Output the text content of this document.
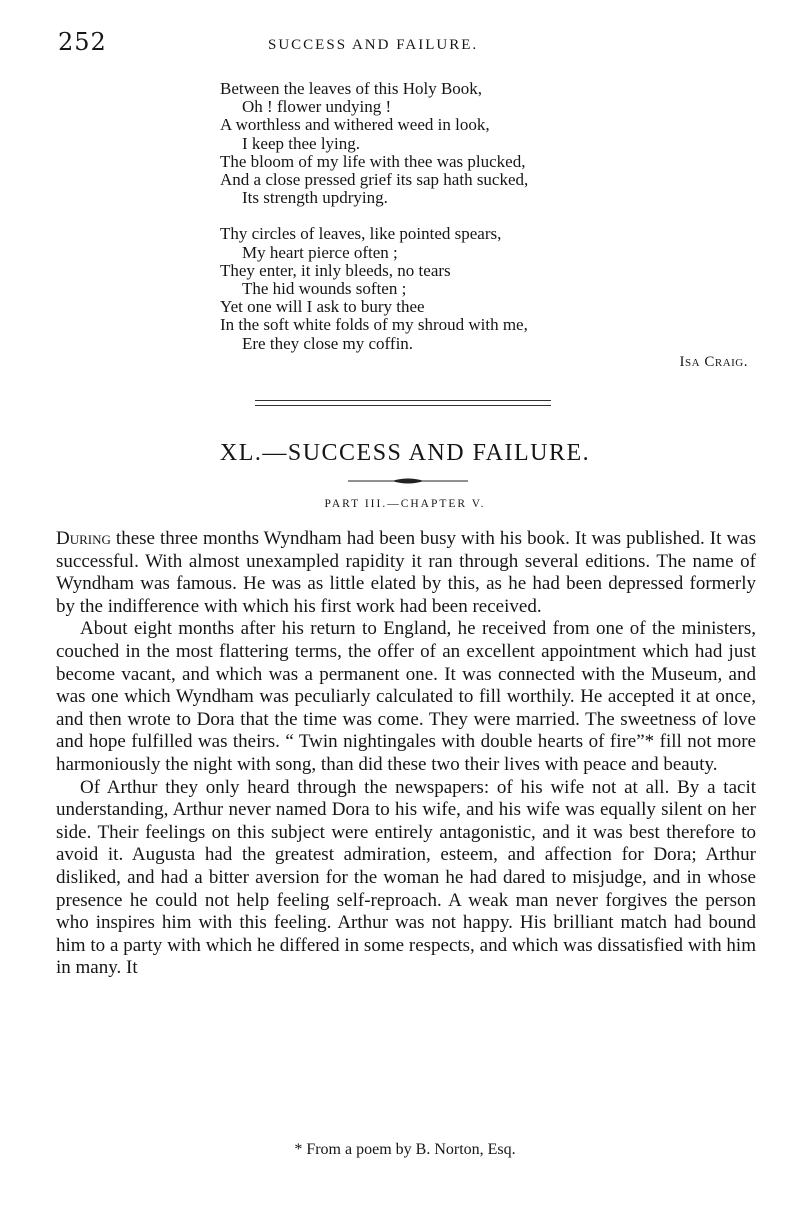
252	SUCCESS AND FAILURE.
Between the leaves of this Holy Book,
Oh ! flower undying !
A worthless and withered weed in look,
I keep thee lying.
The bloom of my life with thee was plucked,
And a close pressed grief its sap hath sucked,
Its strength updrying.
Thy circles of leaves, like pointed spears,
My heart pierce often ;
They enter, it inly bleeds, no tears
The hid wounds soften ;
Yet one will I ask to bury thee
In the soft white folds of my shroud with me,
Ere they close my coffin.
Isa Craig.
XL.—SUCCESS AND FAILURE.
PART III.—CHAPTER V.

During these three months Wyndham had been busy with his book. It was published. It was successful. With almost unexampled rapidity it ran through several editions. The name of Wyndham was famous. He was as little elated by this, as he had been depressed formerly by the indifference with which his first work had been received.

About eight months after his return to England, he received from one of the ministers, couched in the most flattering terms, the offer of an excellent appointment which had just become vacant, and which was a permanent one. It was connected with the Museum, and was one which Wyndham was peculiarly calculated to fill worthily. He accepted it at once, and then wrote to Dora that the time was come. They were married. The sweetness of love and hope fulfilled was theirs. “ Twin nightingales with double hearts of fire”* fill not more harmoniously the night with song, than did these two their lives with peace and beauty.

Of Arthur they only heard through the newspapers: of his wife not at all. By a tacit understanding, Arthur never named Dora to his wife, and his wife was equally silent on her side. Their feelings on this subject were entirely antagonistic, and it was best therefore to avoid it. Augusta had the greatest admiration, esteem, and affection for Dora; Arthur disliked, and had a bitter aversion for the woman he had dared to misjudge, and in whose presence he could not help feeling self-reproach. A weak man never forgives the person who inspires him with this feeling. Arthur was not happy. His brilliant match had bound him to a party with which he differed in some respects, and which was dissatisfied with him in many. It

* From a poem by B. Norton, Esq.
